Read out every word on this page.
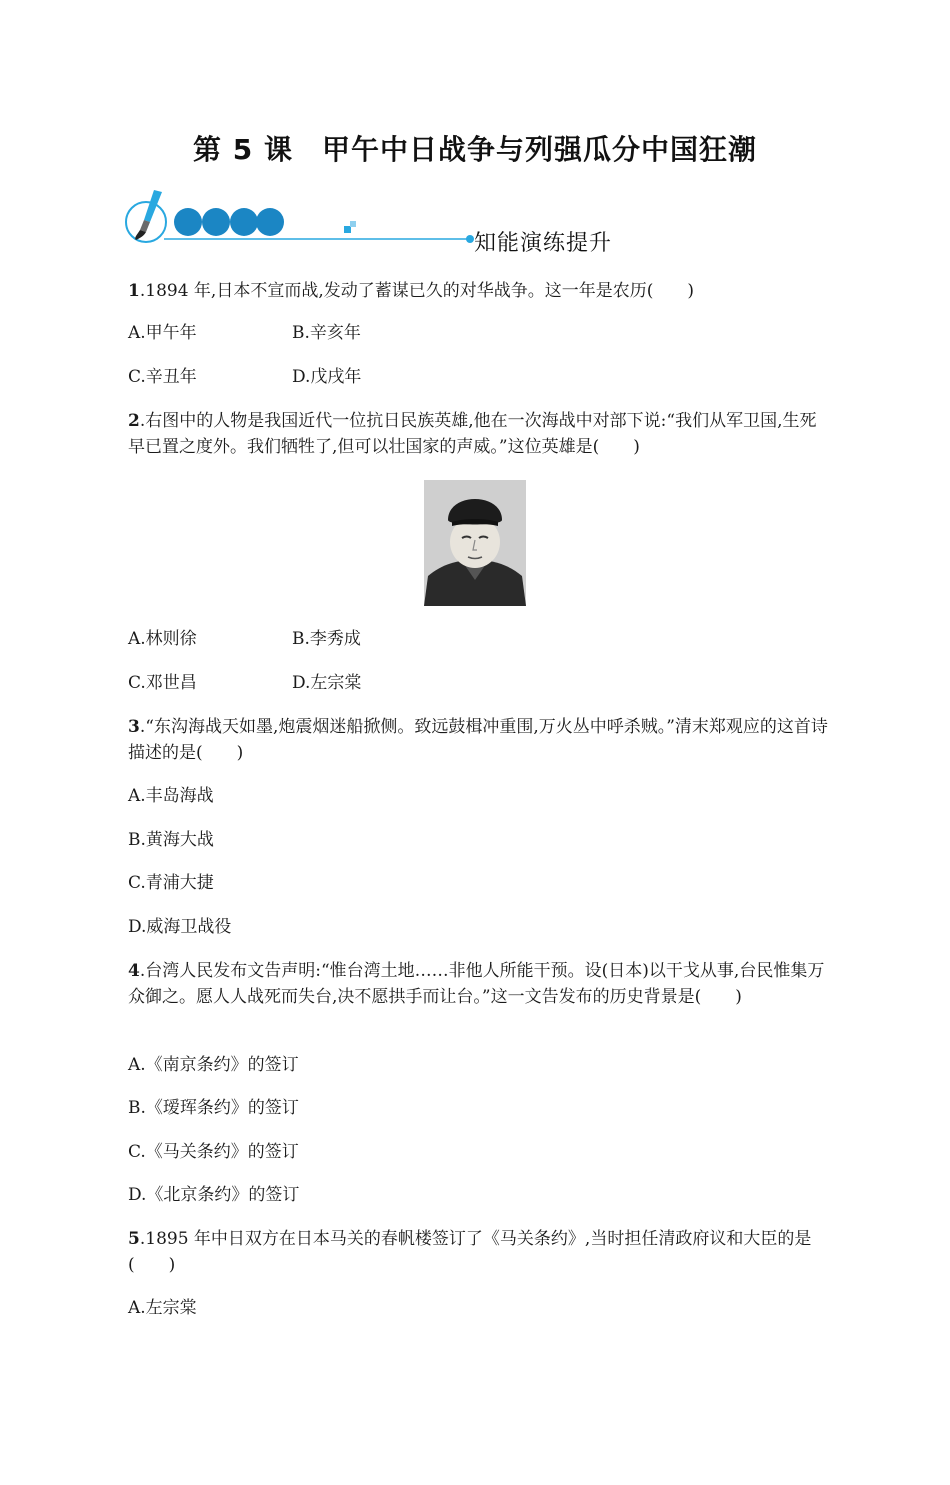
第 5 课　甲午中日战争与列强瓜分中国狂潮
知能演练提升
1.1894 年,日本不宣而战,发动了蓄谋已久的对华战争。这一年是农历(　　)
A.甲午年	B.辛亥年
C.辛丑年	D.戊戌年
2.右图中的人物是我国近代一位抗日民族英雄,他在一次海战中对部下说:“我们从军卫国,生死早已置之度外。我们牺牲了,但可以壮国家的声威。”这位英雄是(　　)
A.林则徐	B.李秀成
C.邓世昌	D.左宗棠
3.“东沟海战天如墨,炮震烟迷船掀侧。致远鼓楫冲重围,万火丛中呼杀贼。”清末郑观应的这首诗描述的是(　　)
A.丰岛海战
B.黄海大战
C.青浦大捷
D.威海卫战役
4.台湾人民发布文告声明:“惟台湾土地……非他人所能干预。设(日本)以干戈从事,台民惟集万众御之。愿人人战死而失台,决不愿拱手而让台。”这一文告发布的历史背景是(　　)
A.《南京条约》的签订
B.《瑷珲条约》的签订
C.《马关条约》的签订
D.《北京条约》的签订
5.1895 年中日双方在日本马关的春帆楼签订了《马关条约》,当时担任清政府议和大臣的是(　　)
A.左宗棠
